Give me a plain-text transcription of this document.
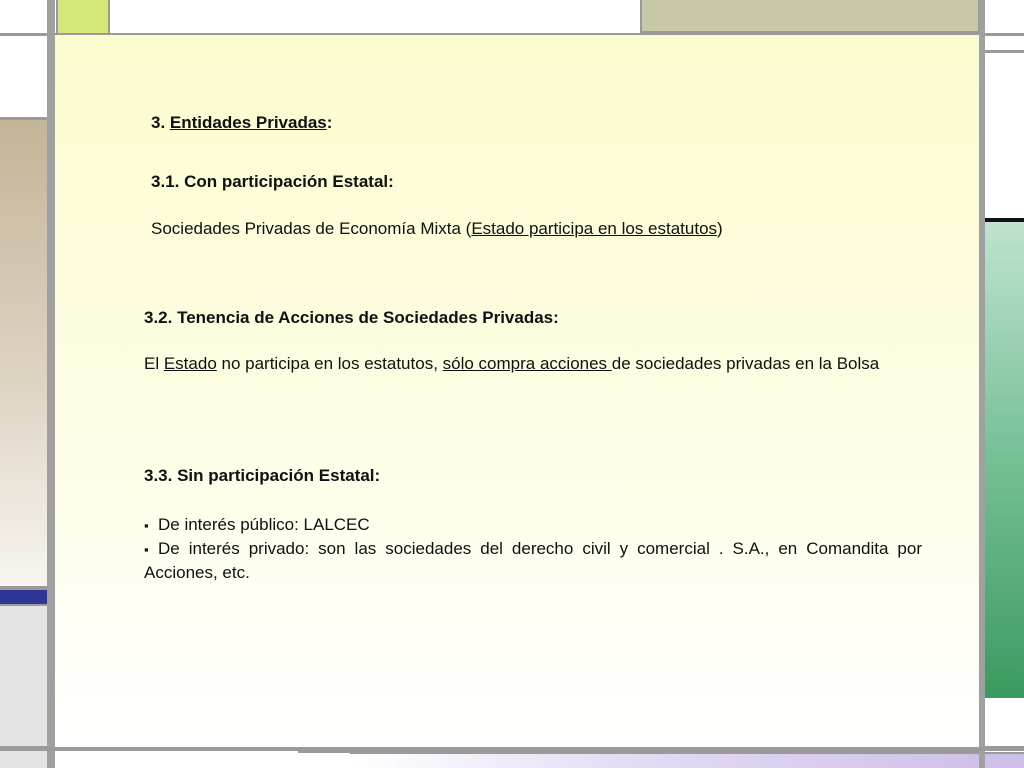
3. Entidades Privadas:
3.1. Con participación Estatal:
Sociedades Privadas de Economía Mixta (Estado participa en los estatutos)
3.2. Tenencia de Acciones de Sociedades Privadas:
El Estado no participa en los estatutos, sólo compra acciones de sociedades privadas en la Bolsa
3.3. Sin participación Estatal:
▪ De interés público: LALCEC
▪ De interés privado: son las sociedades del derecho civil y comercial . S.A., en Comandita por Acciones, etc.
